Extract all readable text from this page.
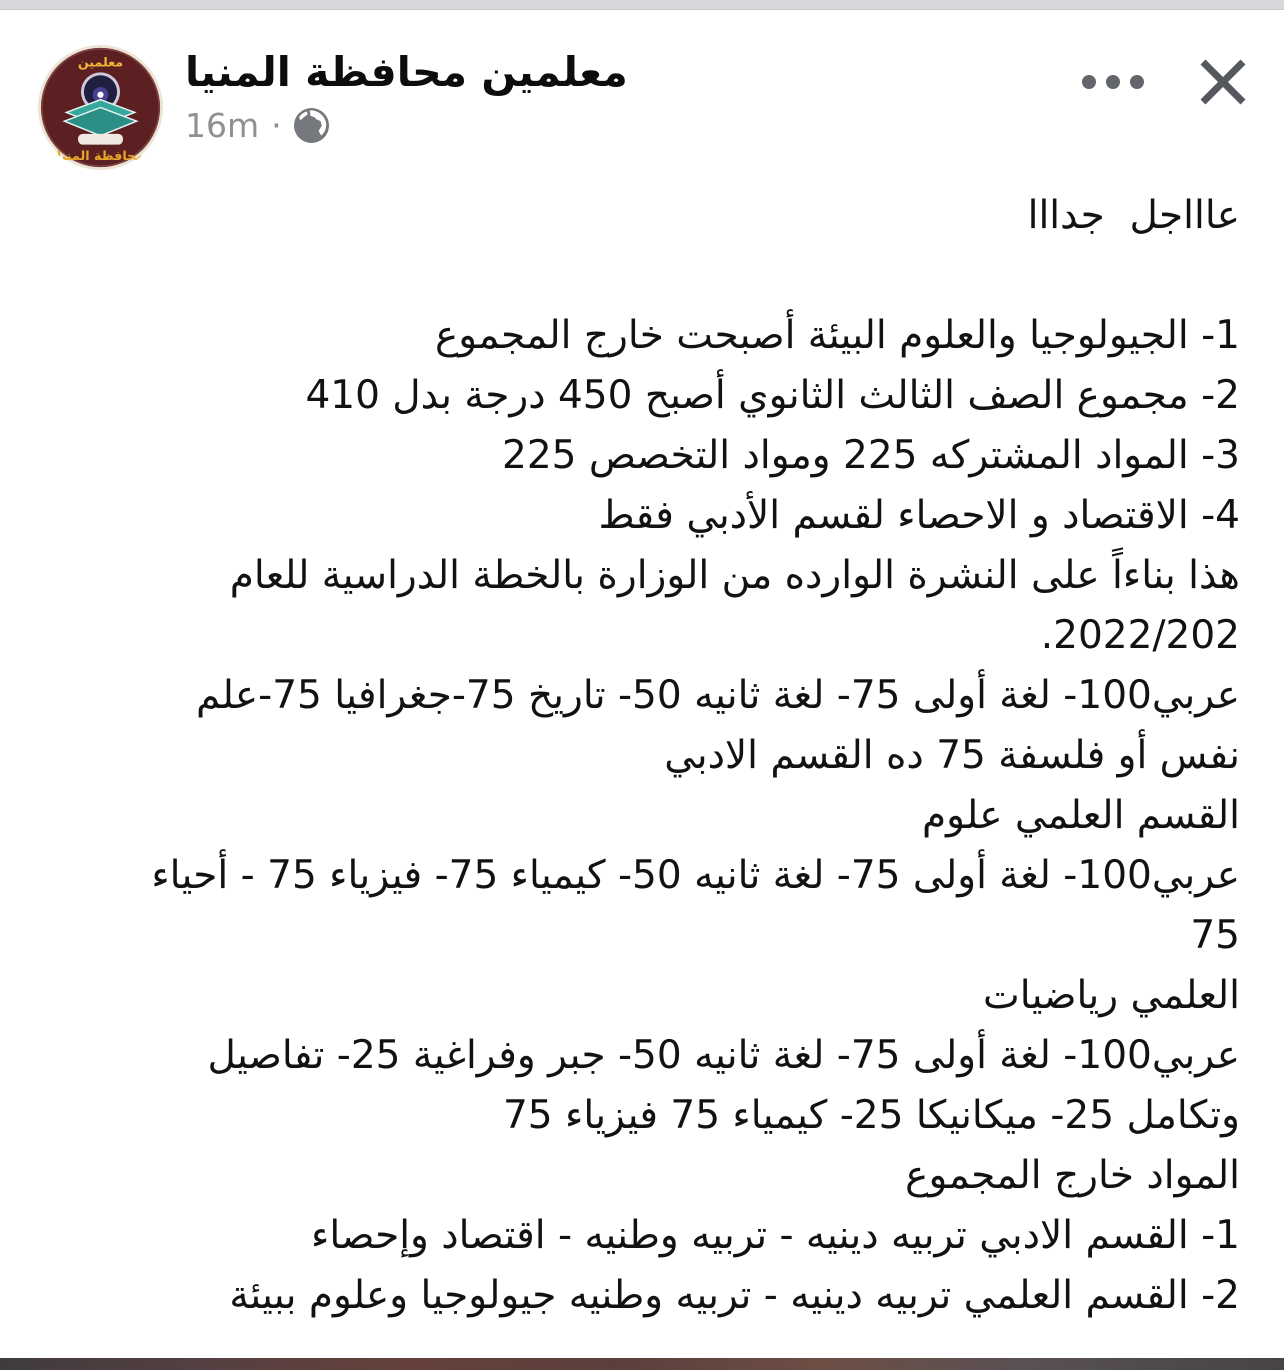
معلمين
محافظة المنيا
معلمين محافظة المنيا
16m ·
عاااجل  جدااا

1- الجيولوجيا والعلوم البيئة أصبحت خارج المجموع
2- مجموع الصف الثالث الثانوي أصبح 450 درجة بدل 410
3- المواد المشتركه 225 ومواد التخصص 225
4- الاقتصاد و الاحصاء لقسم الأدبي فقط
هذا بناءاً على النشرة الوارده من الوزارة بالخطة الدراسية للعام
2022/202.
عربي100- لغة أولى 75- لغة ثانيه 50- تاريخ 75-جغرافيا 75-علم
نفس أو فلسفة 75 ده القسم الادبي
القسم العلمي علوم
عربي100- لغة أولى 75- لغة ثانيه 50- كيمياء 75- فيزياء 75 - أحياء
75
العلمي رياضيات
عربي100- لغة أولى 75- لغة ثانيه 50- جبر وفراغية 25- تفاصيل
وتكامل 25- ميكانيكا 25- كيمياء 75 فيزياء 75
المواد خارج المجموع
1- القسم الادبي تربيه دينيه - تربيه وطنيه - اقتصاد وإحصاء
2- القسم العلمي تربيه دينيه - تربيه وطنيه جيولوجيا وعلوم ببيئة
